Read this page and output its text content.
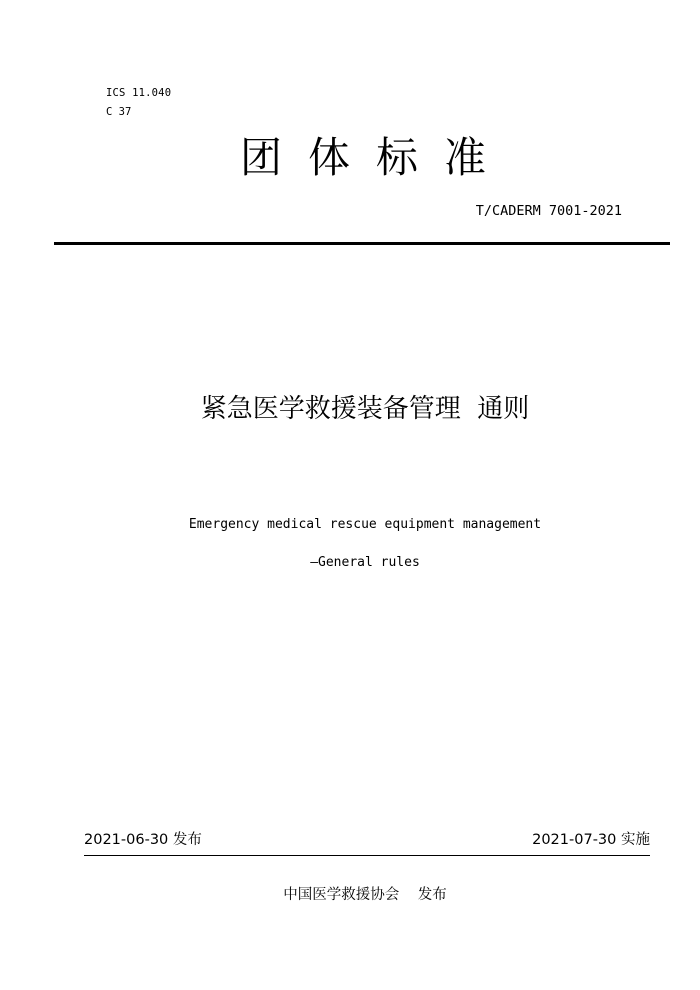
ICS 11.040
C 37
团体标准
T/CADERM 7001-2021
紧急医学救援装备管理  通则
Emergency medical rescue equipment management
—General rules
2021-06-30 发布	2021-07-30 实施
中国医学救援协会    发布
